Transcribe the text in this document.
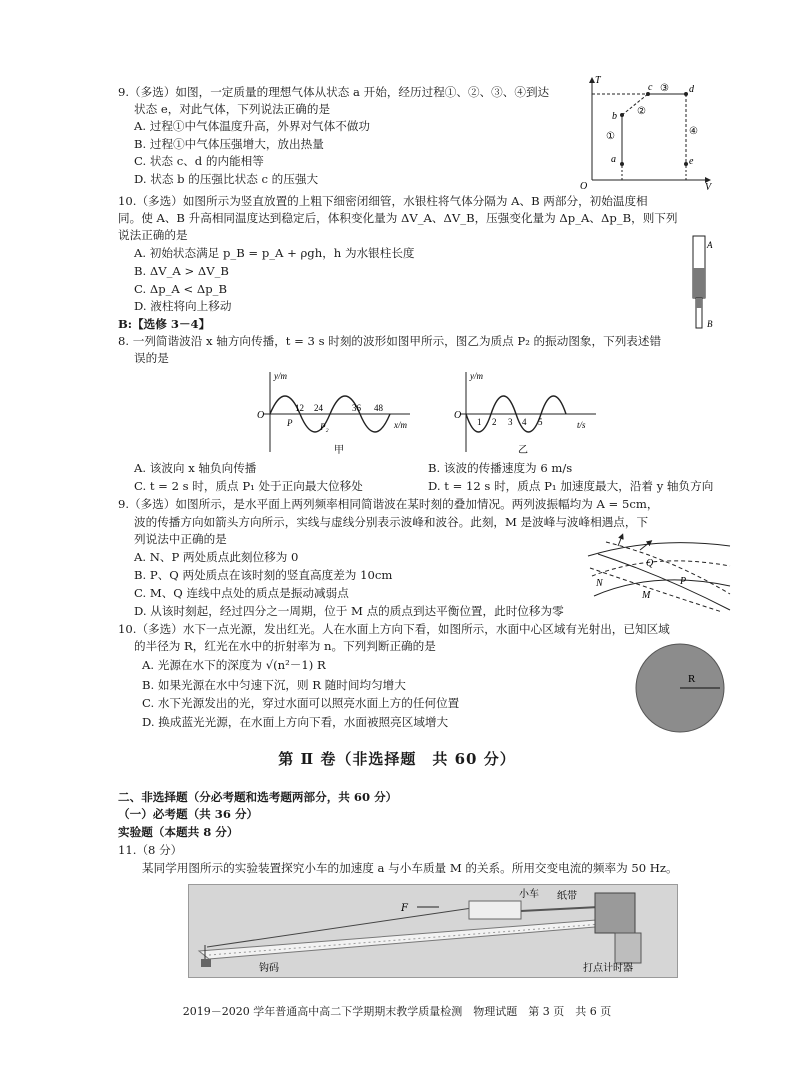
9.（多选）如图，一定质量的理想气体从状态 a 开始，经历过程①、②、③、④到达
状态 e，对此气体，下列说法正确的是
A. 过程①中气体温度升高，外界对气体不做功
B. 过程①中气体压强增大，放出热量
C. 状态 c、d 的内能相等
D. 状态 b 的压强比状态 c 的压强大
T
V
O
a
b
c	d
e
①
②
③
④
10.（多选）如图所示为竖直放置的上粗下细密闭细管，水银柱将气体分隔为 A、B 两部分，初始温度相
同。使 A、B 升高相同温度达到稳定后，体积变化量为 ΔV_A、ΔV_B，压强变化量为 Δp_A、Δp_B，则下列
说法正确的是
A. 初始状态满足 p_B = p_A + ρgh，h 为水银柱长度
B. ΔV_A > ΔV_B
C. Δp_A < Δp_B
D. 液柱将向上移动
A
B
B:【选修 3－4】
8. 一列简谐波沿 x 轴方向传播，t = 3 s 时刻的波形如图甲所示，图乙为质点 P₂ 的振动图象，下列表述错
误的是
y/m
x/m
O
12 24	36 48
P	P₂
甲
y/m
t/s
O
1 2 3 4 5
乙
A. 该波向 x 轴负向传播	B. 该波的传播速度为 6 m/s
C. t = 2 s 时，质点 P₁ 处于正向最大位移处	D. t = 12 s 时，质点 P₁ 加速度最大，沿着 y 轴负方向
9.（多选）如图所示，是水平面上两列频率相同简谐波在某时刻的叠加情况。两列波振幅均为 A = 5cm，
波的传播方向如箭头方向所示，实线与虚线分别表示波峰和波谷。此刻，M 是波峰与波峰相遇点，下
列说法中正确的是
A. N、P 两处质点此刻位移为 0
B. P、Q 两处质点在该时刻的竖直高度差为 10cm
C. M、Q 连线中点处的质点是振动减弱点
D. 从该时刻起，经过四分之一周期，位于 M 点的质点到达平衡位置，此时位移为零
Q
N	P
M
10.（多选）水下一点光源，发出红光。人在水面上方向下看，如图所示，水面中心区域有光射出，已知区域
的半径为 R，红光在水中的折射率为 n。下列判断正确的是
A. 光源在水下的深度为 √(n²－1) R
B. 如果光源在水中匀速下沉，则 R 随时间均匀增大
C. 水下光源发出的光，穿过水面可以照亮水面上方的任何位置
D. 换成蓝光光源，在水面上方向下看，水面被照亮区域增大
R
第 Ⅱ 卷（非选择题　共 60 分）
二、非选择题（分必考题和选考题两部分，共 60 分）
（一）必考题（共 36 分）
实验题（本题共 8 分）
11.（8 分）
某同学用图所示的实验装置探究小车的加速度 a 与小车质量 M 的关系。所用交变电流的频率为 50 Hz。
F
小车 纸带
钩码	打点计时器
2019－2020 学年普通高中高二下学期期末教学质量检测　物理试题　第 3 页　共 6 页
